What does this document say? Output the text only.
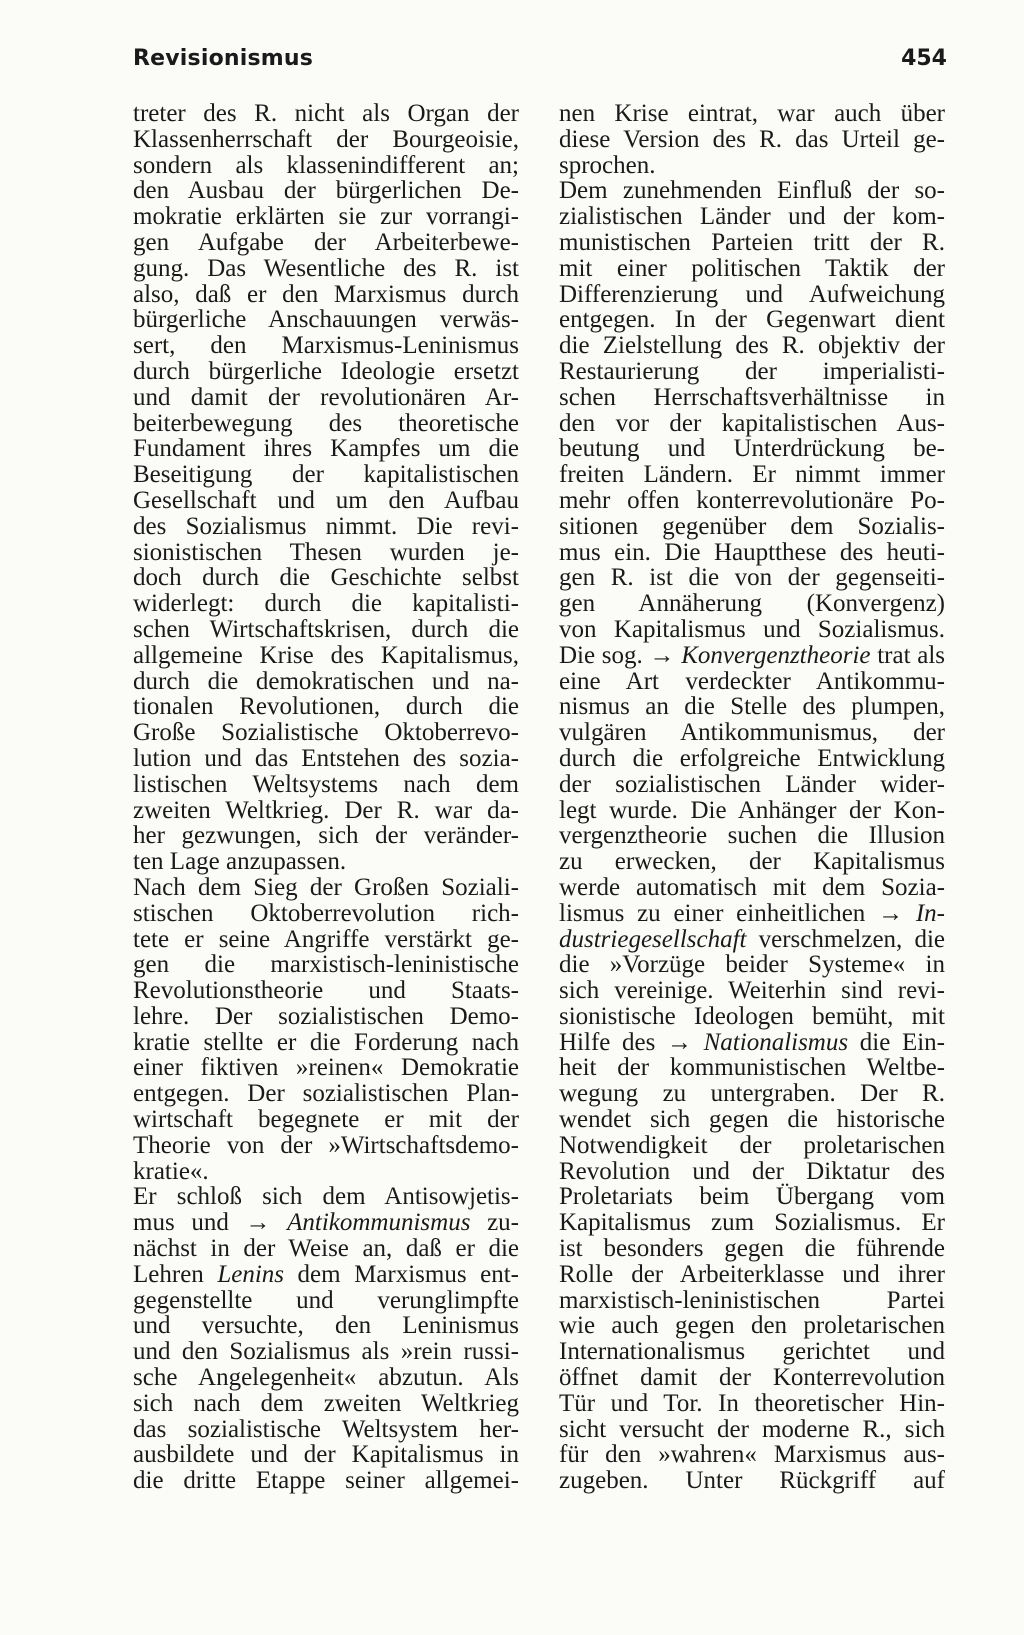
Revisionismus	454
treter des R. nicht als Organ der
Klassenherrschaft der Bourgeoisie,
sondern als klassenindifferent an;
den Ausbau der bürgerlichen De-
mokratie erklärten sie zur vorrangi-
gen Aufgabe der Arbeiterbewe-
gung. Das Wesentliche des R. ist
also, daß er den Marxismus durch
bürgerliche Anschauungen verwäs-
sert, den Marxismus-Leninismus
durch bürgerliche Ideologie ersetzt
und damit der revolutionären Ar-
beiterbewegung des theoretische
Fundament ihres Kampfes um die
Beseitigung der kapitalistischen
Gesellschaft und um den Aufbau
des Sozialismus nimmt. Die revi-
sionistischen Thesen wurden je-
doch durch die Geschichte selbst
widerlegt: durch die kapitalisti-
schen Wirtschaftskrisen, durch die
allgemeine Krise des Kapitalismus,
durch die demokratischen und na-
tionalen Revolutionen, durch die
Große Sozialistische Oktoberrevo-
lution und das Entstehen des sozia-
listischen Weltsystems nach dem
zweiten Weltkrieg. Der R. war da-
her gezwungen, sich der veränder-
ten Lage anzupassen.
Nach dem Sieg der Großen Soziali-
stischen Oktoberrevolution rich-
tete er seine Angriffe verstärkt ge-
gen die marxistisch-leninistische
Revolutionstheorie und Staats-
lehre. Der sozialistischen Demo-
kratie stellte er die Forderung nach
einer fiktiven »reinen« Demokratie
entgegen. Der sozialistischen Plan-
wirtschaft begegnete er mit der
Theorie von der »Wirtschaftsdemo-
kratie«.
Er schloß sich dem Antisowjetis-
mus und → Antikommunismus zu-
nächst in der Weise an, daß er die
Lehren Lenins dem Marxismus ent-
gegenstellte und verunglimpfte
und versuchte, den Leninismus
und den Sozialismus als »rein russi-
sche Angelegenheit« abzutun. Als
sich nach dem zweiten Weltkrieg
das sozialistische Weltsystem her-
ausbildete und der Kapitalismus in
die dritte Etappe seiner allgemei-
nen Krise eintrat, war auch über
diese Version des R. das Urteil ge-
sprochen.
Dem zunehmenden Einfluß der so-
zialistischen Länder und der kom-
munistischen Parteien tritt der R.
mit einer politischen Taktik der
Differenzierung und Aufweichung
entgegen. In der Gegenwart dient
die Zielstellung des R. objektiv der
Restaurierung der imperialisti-
schen Herrschaftsverhältnisse in
den vor der kapitalistischen Aus-
beutung und Unterdrückung be-
freiten Ländern. Er nimmt immer
mehr offen konterrevolutionäre Po-
sitionen gegenüber dem Sozialis-
mus ein. Die Hauptthese des heuti-
gen R. ist die von der gegenseiti-
gen Annäherung (Konvergenz)
von Kapitalismus und Sozialismus.
Die sog. → Konvergenztheorie trat als
eine Art verdeckter Antikommu-
nismus an die Stelle des plumpen,
vulgären Antikommunismus, der
durch die erfolgreiche Entwicklung
der sozialistischen Länder wider-
legt wurde. Die Anhänger der Kon-
vergenztheorie suchen die Illusion
zu erwecken, der Kapitalismus
werde automatisch mit dem Sozia-
lismus zu einer einheitlichen → In-
dustriegesellschaft verschmelzen, die
die »Vorzüge beider Systeme« in
sich vereinige. Weiterhin sind revi-
sionistische Ideologen bemüht, mit
Hilfe des → Nationalismus die Ein-
heit der kommunistischen Weltbe-
wegung zu untergraben. Der R.
wendet sich gegen die historische
Notwendigkeit der proletarischen
Revolution und der Diktatur des
Proletariats beim Übergang vom
Kapitalismus zum Sozialismus. Er
ist besonders gegen die führende
Rolle der Arbeiterklasse und ihrer
marxistisch-leninistischen Partei
wie auch gegen den proletarischen
Internationalismus gerichtet und
öffnet damit der Konterrevolution
Tür und Tor. In theoretischer Hin-
sicht versucht der moderne R., sich
für den »wahren« Marxismus aus-
zugeben. Unter Rückgriff auf
